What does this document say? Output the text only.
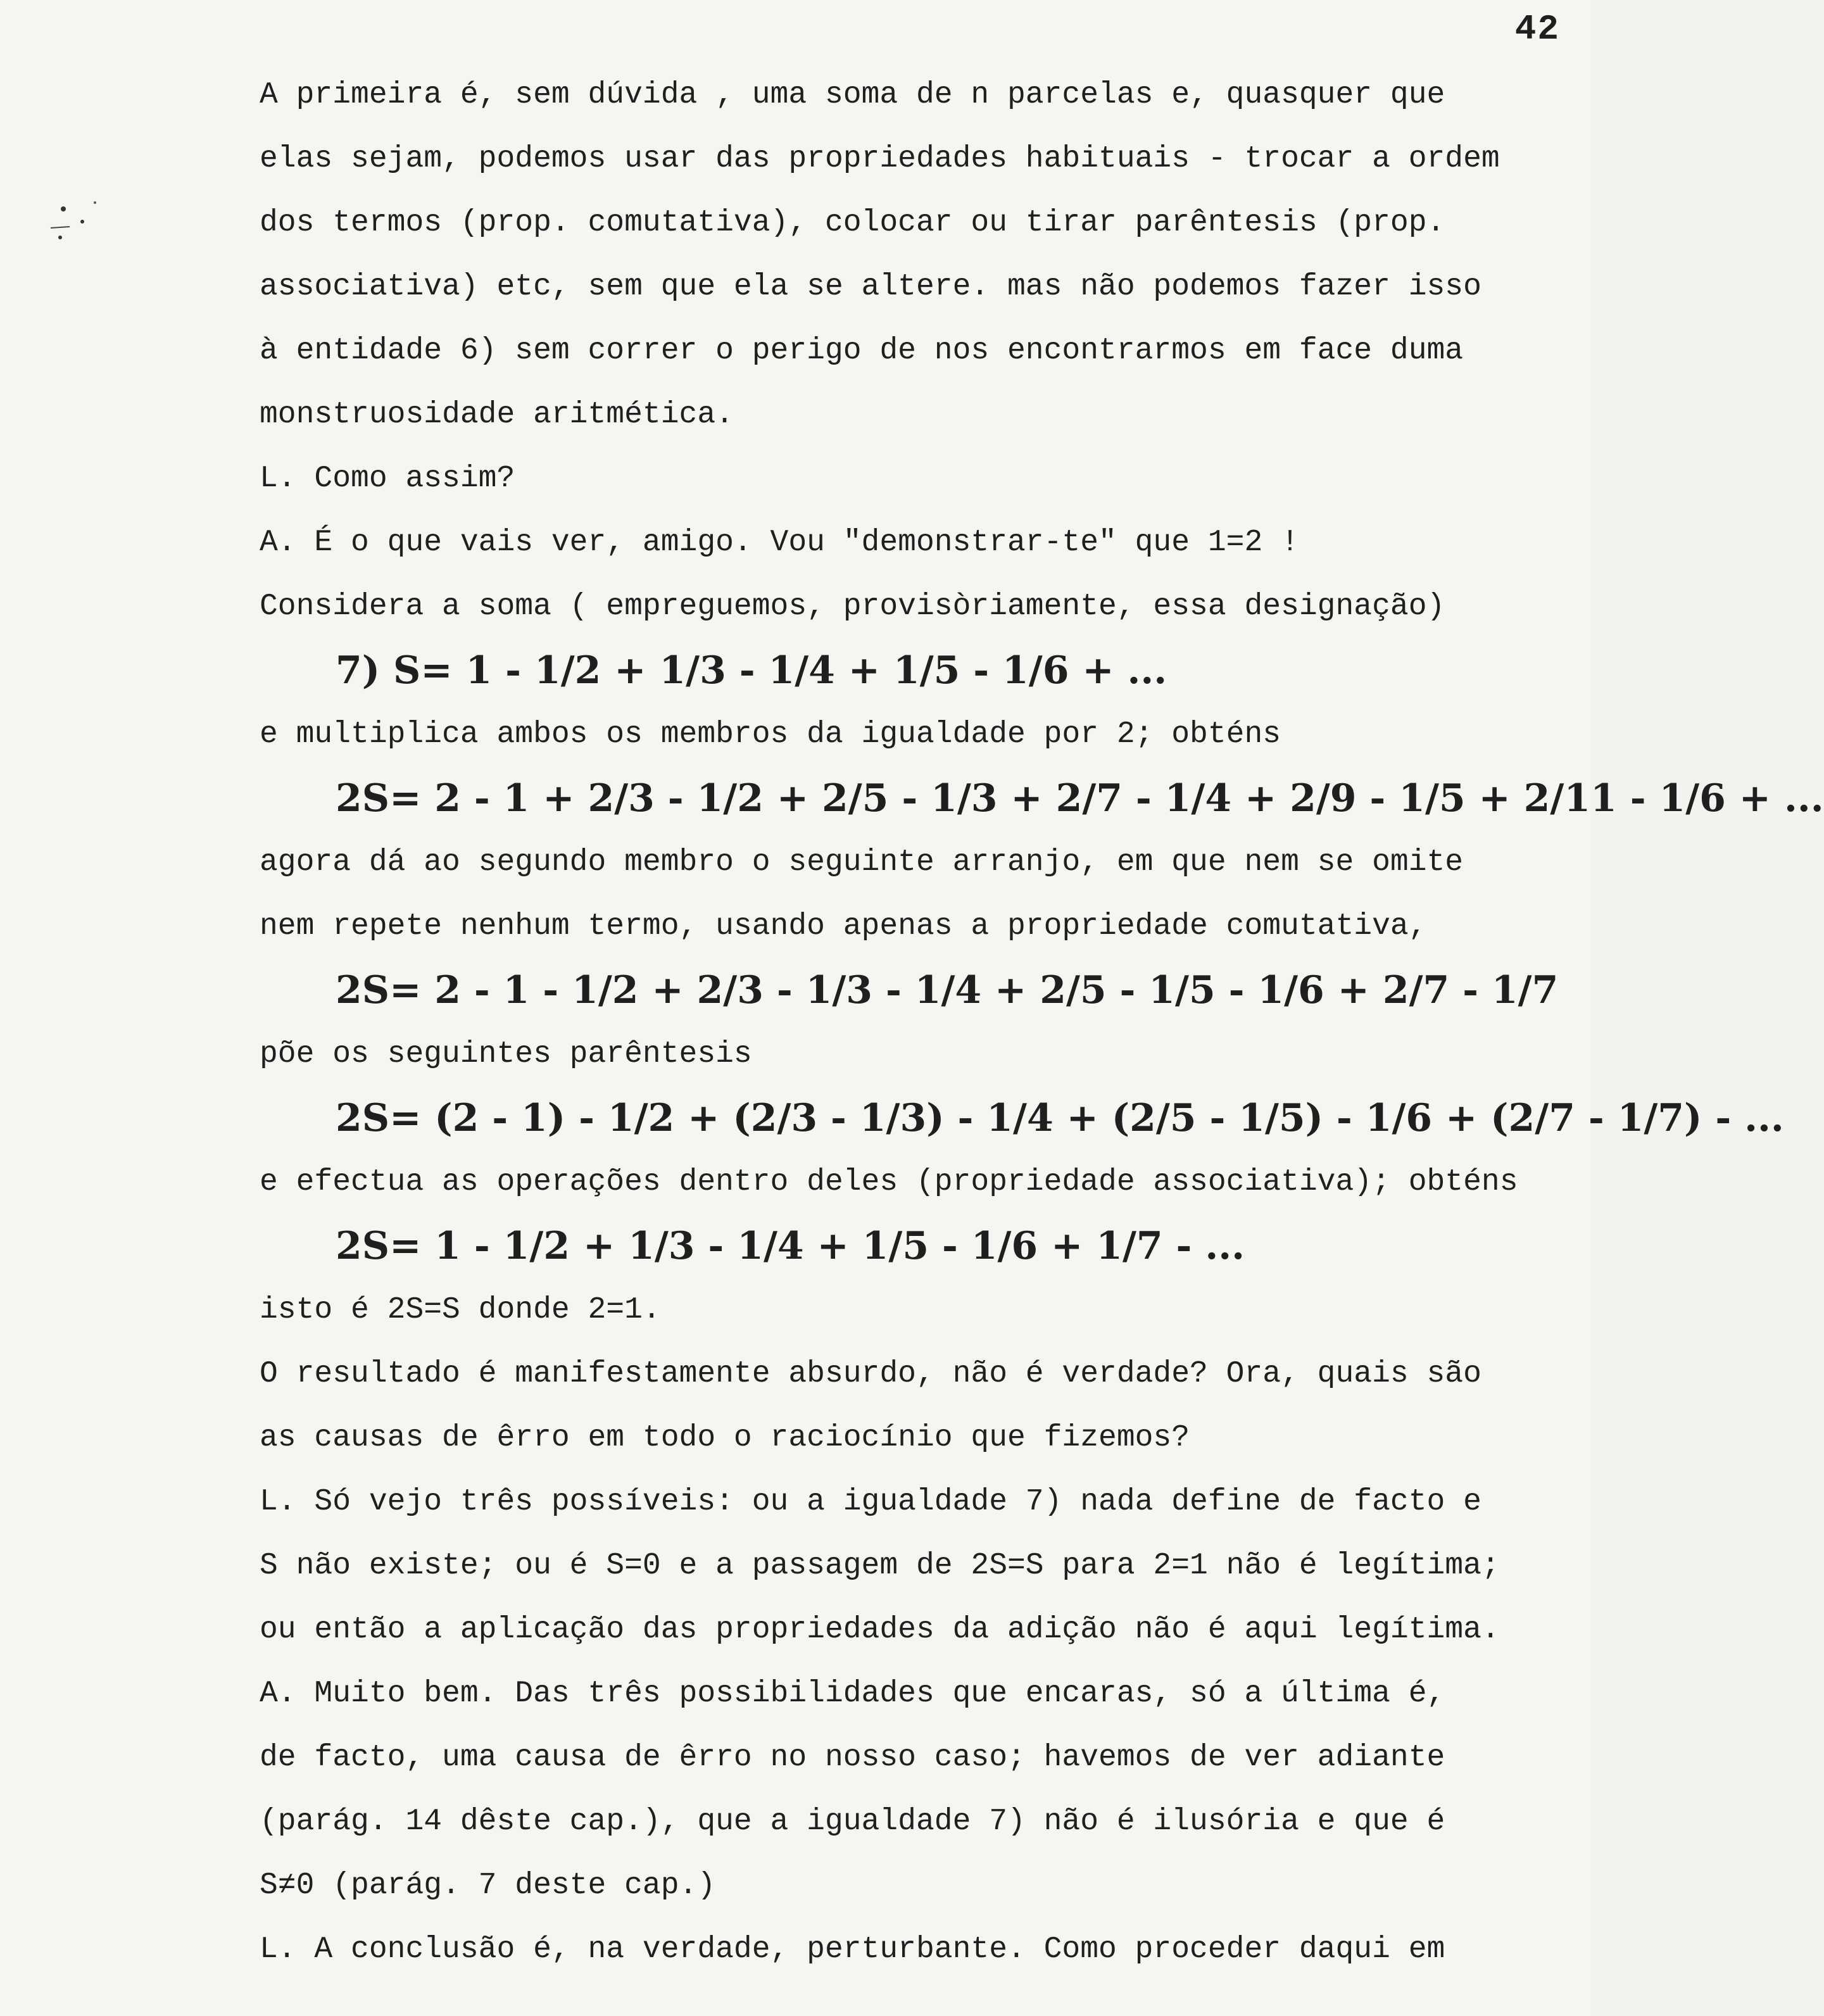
42
A primeira é, sem dúvida , uma soma de n parcelas e, quasquer que
elas sejam, podemos usar das propriedades habituais - trocar a ordem
dos termos (prop. comutativa), colocar ou tirar parêntesis (prop.
associativa) etc, sem que ela se altere. mas não podemos fazer isso
à entidade 6) sem correr o perigo de nos encontrarmos em face duma
monstruosidade aritmética.
L. Como assim?
A. É o que vais ver, amigo. Vou "demonstrar-te" que 1=2 !
Considera a soma ( empreguemos, provisòriamente, essa designação)
7) S= 1 - 1/2 + 1/3 - 1/4 + 1/5 - 1/6 + ...
e multiplica ambos os membros da igualdade por 2; obténs
2S= 2 - 1 + 2/3 - 1/2 + 2/5 - 1/3 + 2/7 - 1/4 + 2/9 - 1/5 + 2/11 - 1/6 + ...
agora dá ao segundo membro o seguinte arranjo, em que nem se omite
nem repete nenhum termo, usando apenas a propriedade comutativa,
2S= 2 - 1 - 1/2 + 2/3 - 1/3 - 1/4 + 2/5 - 1/5 - 1/6 + 2/7 - 1/7
põe os seguintes parêntesis
2S= (2 - 1) - 1/2 + (2/3 - 1/3) - 1/4 + (2/5 - 1/5) - 1/6 + (2/7 - 1/7) - ...
e efectua as operações dentro deles (propriedade associativa); obténs
2S= 1 - 1/2 + 1/3 - 1/4 + 1/5 - 1/6 + 1/7 - ...
isto é 2S=S donde 2=1.
O resultado é manifestamente absurdo, não é verdade? Ora, quais são
as causas de êrro em todo o raciocínio que fizemos?
L. Só vejo três possíveis: ou a igualdade 7) nada define de facto e
S não existe; ou é S=0 e a passagem de 2S=S para 2=1 não é legítima;
ou então a aplicação das propriedades da adição não é aqui legítima.
A. Muito bem. Das três possibilidades que encaras, só a última é,
de facto, uma causa de êrro no nosso caso; havemos de ver adiante
(parág. 14 dêste cap.), que a igualdade 7) não é ilusória e que é
S≠0 (parág. 7 deste cap.)
L. A conclusão é, na verdade, perturbante. Como proceder daqui em
